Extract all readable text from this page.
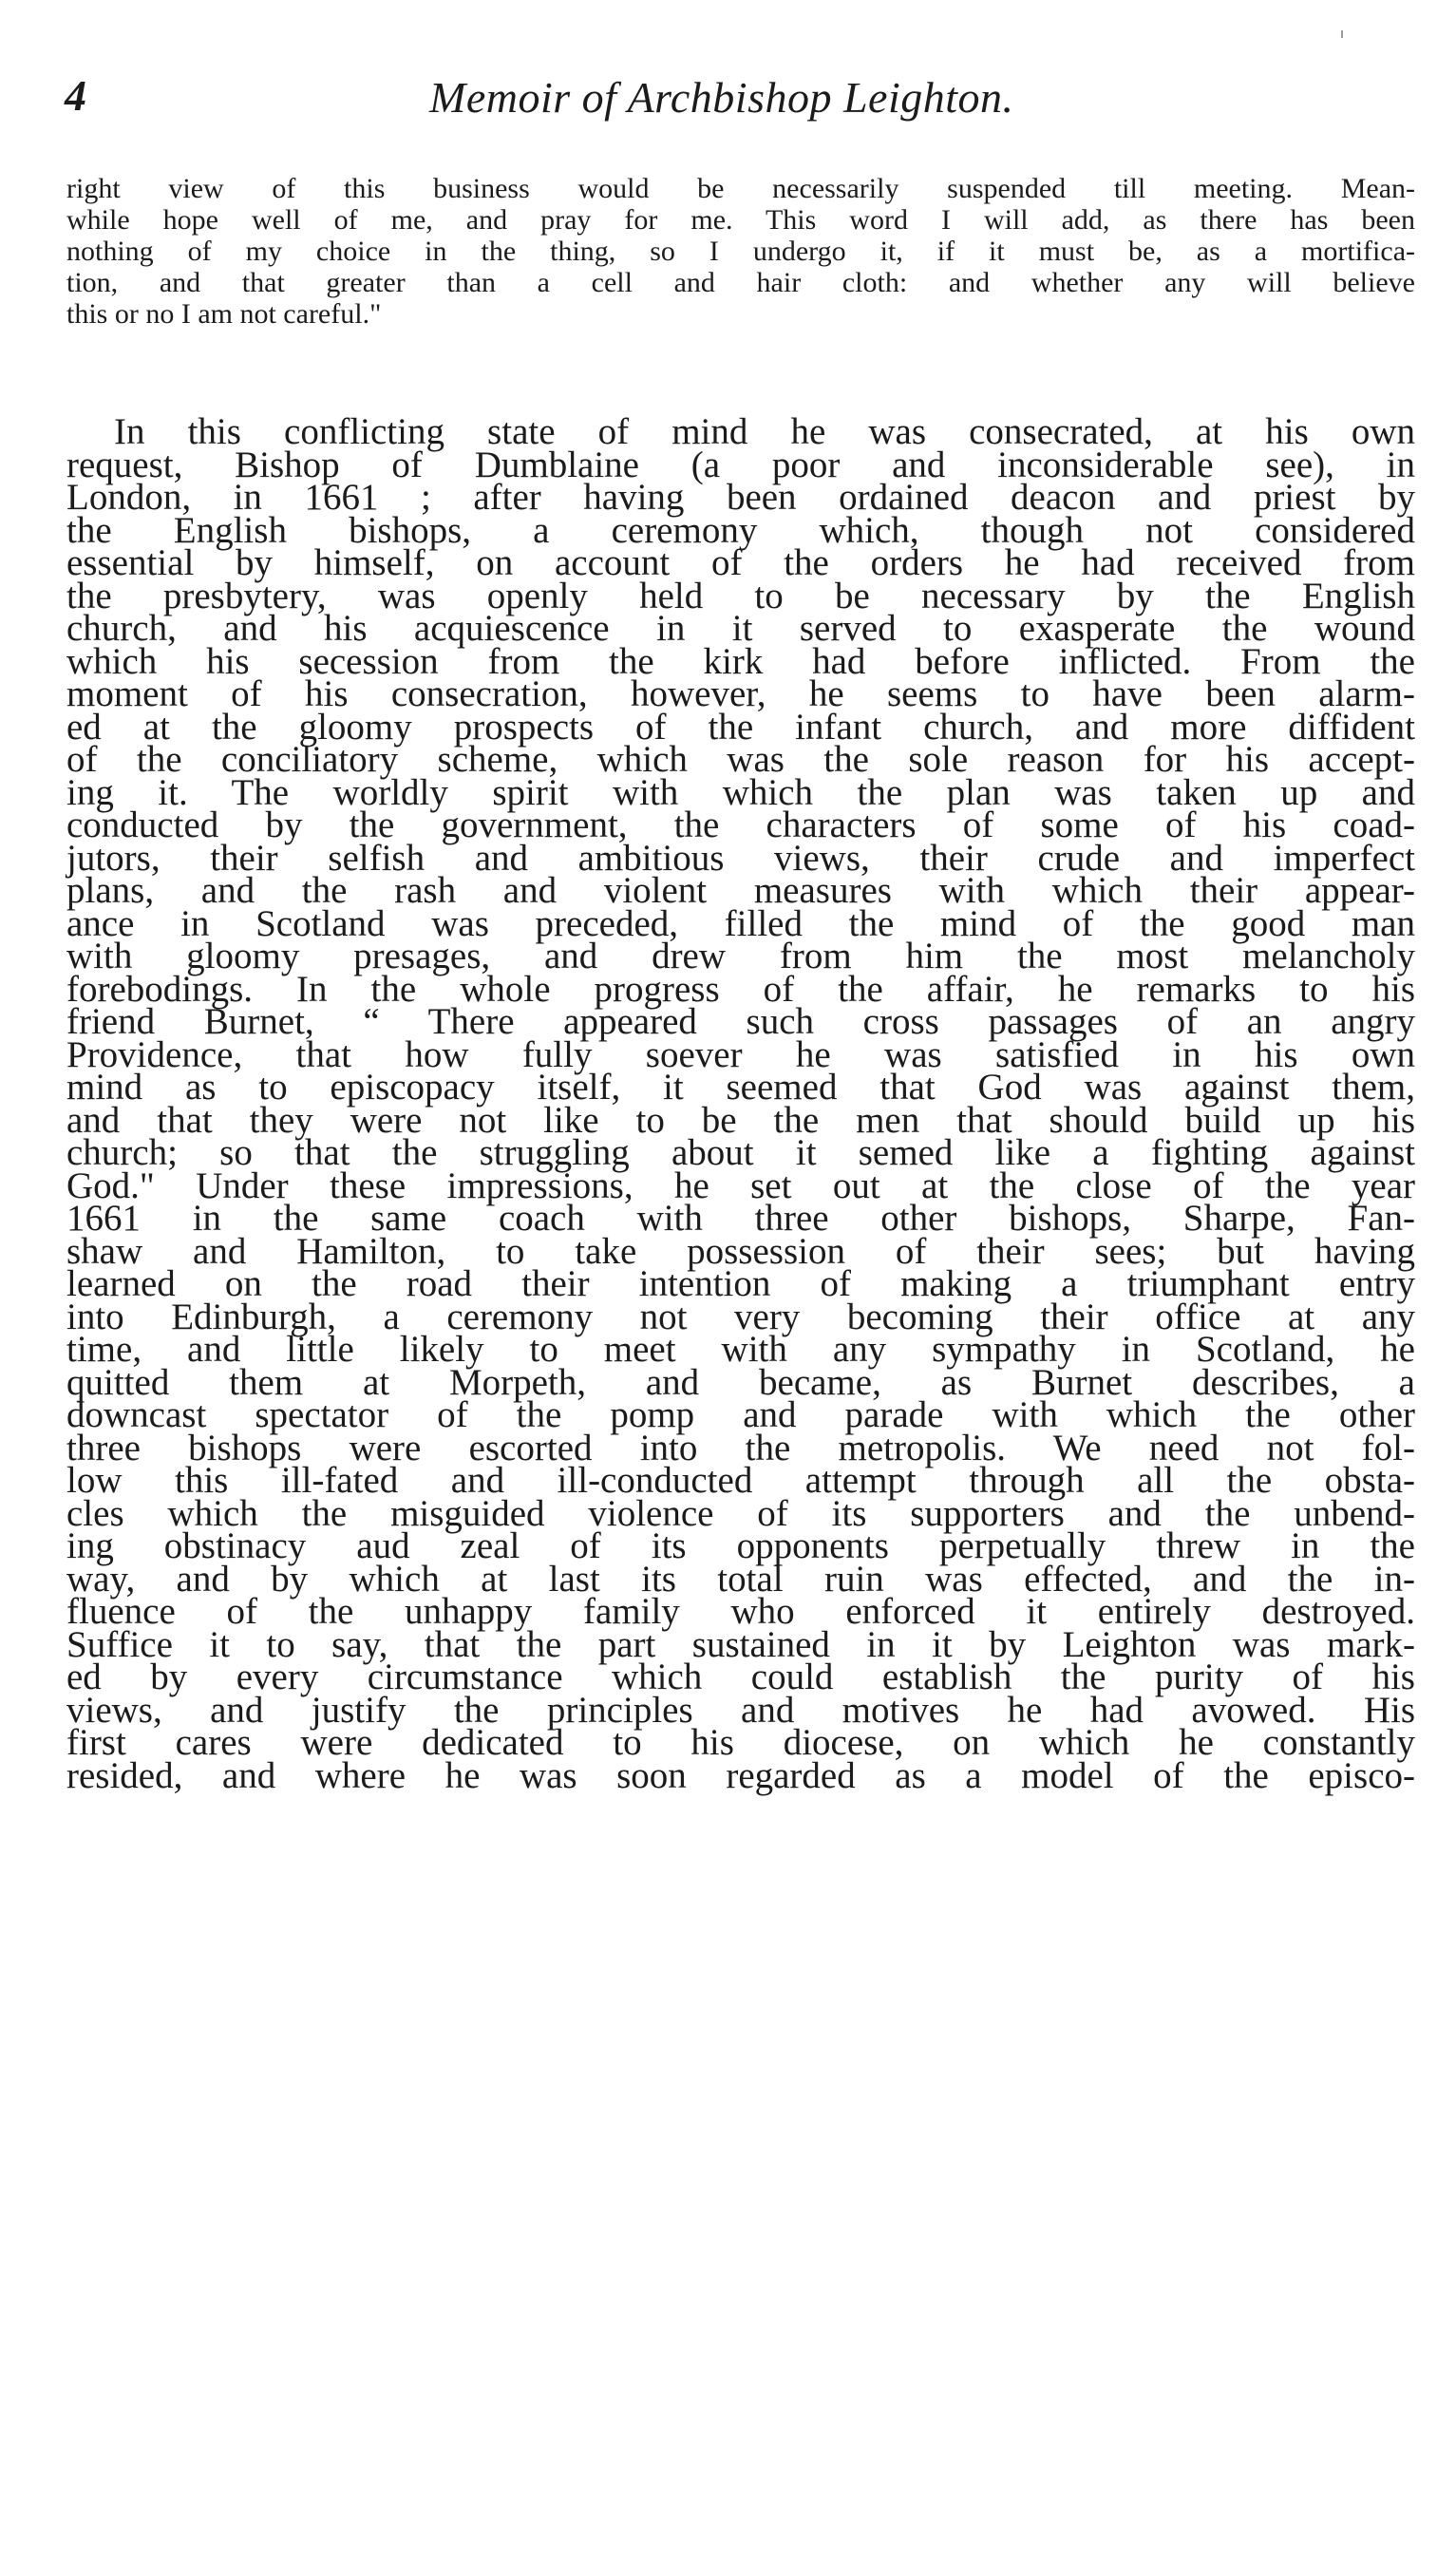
4	Memoir of Archbishop Leighton.
right view of this business would be necessarily suspended till meeting. Mean-
while hope well of me, and pray for me. This word I will add, as there has been
nothing of my choice in the thing, so I undergo it, if it must be, as a mortifica-
tion, and that greater than a cell and hair cloth: and whether any will believe
this or no I am not careful."
In this conflicting state of mind he was consecrated, at his own
request, Bishop of Dumblaine (a poor and inconsiderable see), in
London, in 1661 ; after having been ordained deacon and priest by
the English bishops, a ceremony which, though not considered
essential by himself, on account of the orders he had received from
the presbytery, was openly held to be necessary by the English
church, and his acquiescence in it served to exasperate the wound
which his secession from the kirk had before inflicted. From the
moment of his consecration, however, he seems to have been alarm-
ed at the gloomy prospects of the infant church, and more diffident
of the conciliatory scheme, which was the sole reason for his accept-
ing it. The worldly spirit with which the plan was taken up and
conducted by the government, the characters of some of his coad-
jutors, their selfish and ambitious views, their crude and imperfect
plans, and the rash and violent measures with which their appear-
ance in Scotland was preceded, filled the mind of the good man
with gloomy presages, and drew from him the most melancholy
forebodings. In the whole progress of the affair, he remarks to his
friend Burnet, “ There appeared such cross passages of an angry
Providence, that how fully soever he was satisfied in his own
mind as to episcopacy itself, it seemed that God was against them,
and that they were not like to be the men that should build up his
church; so that the struggling about it semed like a fighting against
God." Under these impressions, he set out at the close of the year
1661 in the same coach with three other bishops, Sharpe, Fan-
shaw and Hamilton, to take possession of their sees; but having
learned on the road their intention of making a triumphant entry
into Edinburgh, a ceremony not very becoming their office at any
time, and little likely to meet with any sympathy in Scotland, he
quitted them at Morpeth, and became, as Burnet describes, a
downcast spectator of the pomp and parade with which the other
three bishops were escorted into the metropolis. We need not fol-
low this ill-fated and ill-conducted attempt through all the obsta-
cles which the misguided violence of its supporters and the unbend-
ing obstinacy aud zeal of its opponents perpetually threw in the
way, and by which at last its total ruin was effected, and the in-
fluence of the unhappy family who enforced it entirely destroyed.
Suffice it to say, that the part sustained in it by Leighton was mark-
ed by every circumstance which could establish the purity of his
views, and justify the principles and motives he had avowed. His
first cares were dedicated to his diocese, on which he constantly
resided, and where he was soon regarded as a model of the episco-
